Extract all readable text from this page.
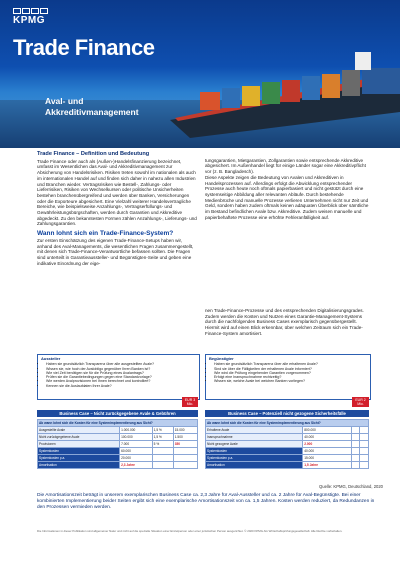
KPMG
Trade Finance
Aval- und
Akkreditivmanagement
Trade Finance – Definition und Bedeutung

Trade Finance oder auch als (Außen-)Handelsfinanzierung bezeichnet, umfasst im Wesentlichen das Aval- und Akkreditivmanagement zur Absicherung von Handelsrisiken. Risiken treten sowohl im nationalen als auch im internationalen Handel auf und finden sich daher in nahezu allen Industrien und Branchen wieder. Vertragsrisiken wie Bestell-, Zahlungs- oder Lieferrisiken, Risiken von Wechselkursen oder politische Unsicherheiten bestehen branchenübergreifend und werden über Banken, Versicherungen oder die Exporteure abgesichert. Eine Vielzahl weiterer Handelsvertragliche Bereiche, wie beispielsweise Anzahlungs-, Vertragserfüllungs- und Gewährleistungsbürgschaften, werden durch Garantien und Akkreditive abgedeckt. Zu den bekanntesten Formen zählen Anzahlungs-, Lieferungs- und Zahlungsgarantien.

Wann lohnt sich ein Trade-Finance-System?

Zur ersten Einschätzung des eigenen Trade-Finance-Setups haben wir, anhand des Aval-Managements, die wesentlichen Fragen zusammengestellt, mit denen sich Trade-Finance-Verantwortliche befassen sollten. Die Fragen sind unterteilt in Garantieaussteller- und Begünstigten-Seite und geben eine indikative Einordnung der eige-

tungsgarantien, Mietgarantien, Zollgarantien sowie entsprechende Akkreditive abgesichert. Im Außenhandel liegt für einige Länder sogar eine Akkreditivpflicht vor (z. B. Bangladesch).
Diese Aspekte zeigen die Bedeutung von Avalen und Akkreditiven in Handelsprozessen auf. Allerdings erfolgt die Abwicklung entsprechender Prozesse auch heute noch oftmals papierbasiert und nicht gestützt durch eine systemseitige Abbildung aller relevanten Abläufe. Durch bestehende Medienbrüche und manuelle Prozesse verlieren Unternehmen nicht nur Zeit und Geld, sondern haben zudem oftmals keinen adäquaten Überblick über sämtliche im Bestand befindlichen Avale bzw. Akkreditive. Zudem weisen manuelle und papierbehaftete Prozesse eine erhöhte Fehleranfälligkeit auf.

nen Trade-Finance-Prozesse und des entsprechenden Digitalisierungsgrades. Zudem werden die Kosten und Nutzen eines Garantie-Management-Systems durch die nachfolgenden Business Cases exemplarisch gegenübergestellt. Hiermit wird auf einen Blick erkennbar, über welchen Zeitraum sich ein Trade-Finance-System amortisiert.

Aussteller
• Haben sie grundsätzlich Transparenz über alle ausgestellten Avale?
• Wissen sie, wie hoch der Avalobligo gegenüber Ihren Banken ist?
• Wie viel Zeit benötigen sie für die Prüfung eines Avalantrags?
• Prüfen sie die Garantiebedingungen gegen eine Standardvorlage?
• Wie werden Avalprovisionen bei Ihnen berechnet und kontrolliert?
• Kennen sie die Auslaufdaten Ihrer Avale?
EUR 3 Mio.
Business Case – Nicht zurückgegebene Avale & Gebühren
Begünstigter
• Haben sie grundsätzlich Transparenz über alle erhaltenen Avale?
• Sind sie über die Fälligkeiten der erhaltenen Avale informiert?
• Wie wird die Prüfung eingehender Garantien vorgenommen?
• Erfolgt eine Inanspruchnahme rechtzeitig?
• Wissen sie, welche Avale bei welchen Banken vorliegen?
EUR 2 Mio.
Business Case – Potenziell nicht gezogene Sicherheitsfälle
Ab wann lohnt sich die Kosten für eine Systemimplementierung aus Sicht?			
Ausgestellte Avale	1.000.000	1,5 %	15.000
Nicht zurückgegebene Avale	100.000	1,5 %	1.500
Provisionen	7.000	5 %	350
Systemkosten	60.000		
Systemkosten p.a.	20.000		
Amortisation	2,3 Jahre		
Ab wann lohnt sich die Kosten für eine Systemimplementierung aus Sicht?			
Erhaltene Avale	800.000		
Inanspruchnahme	40.000		
Nicht gezogene Avale	2.000		
Systemkosten	40.000		
Systemkosten p.a.	15.000		
Amortisation	1,5 Jahre		
Quelle: KPMG, Deutschland, 2020
Die Amortisationszeit beträgt in unserem exemplarischen Business Case ca. 2,3 Jahre für Aval-Aussteller und ca. 2 Jahre für Aval-Begünstigte. Bei einer kombinierten Implementierung beider Seiten ergibt sich eine exemplarische Amortisationszeit von ca. 1,5 Jahren. Kosten werden reduziert, da Redundanzen in den Prozessen vermieden werden.
Die Informationen in dieser Publikation sind allgemeiner Natur und nicht auf die spezielle Situation einer Einzelperson oder einer juristischen Person ausgerichtet. © 2020 KPMG AG Wirtschaftsprüfungsgesellschaft. Alle Rechte vorbehalten.
